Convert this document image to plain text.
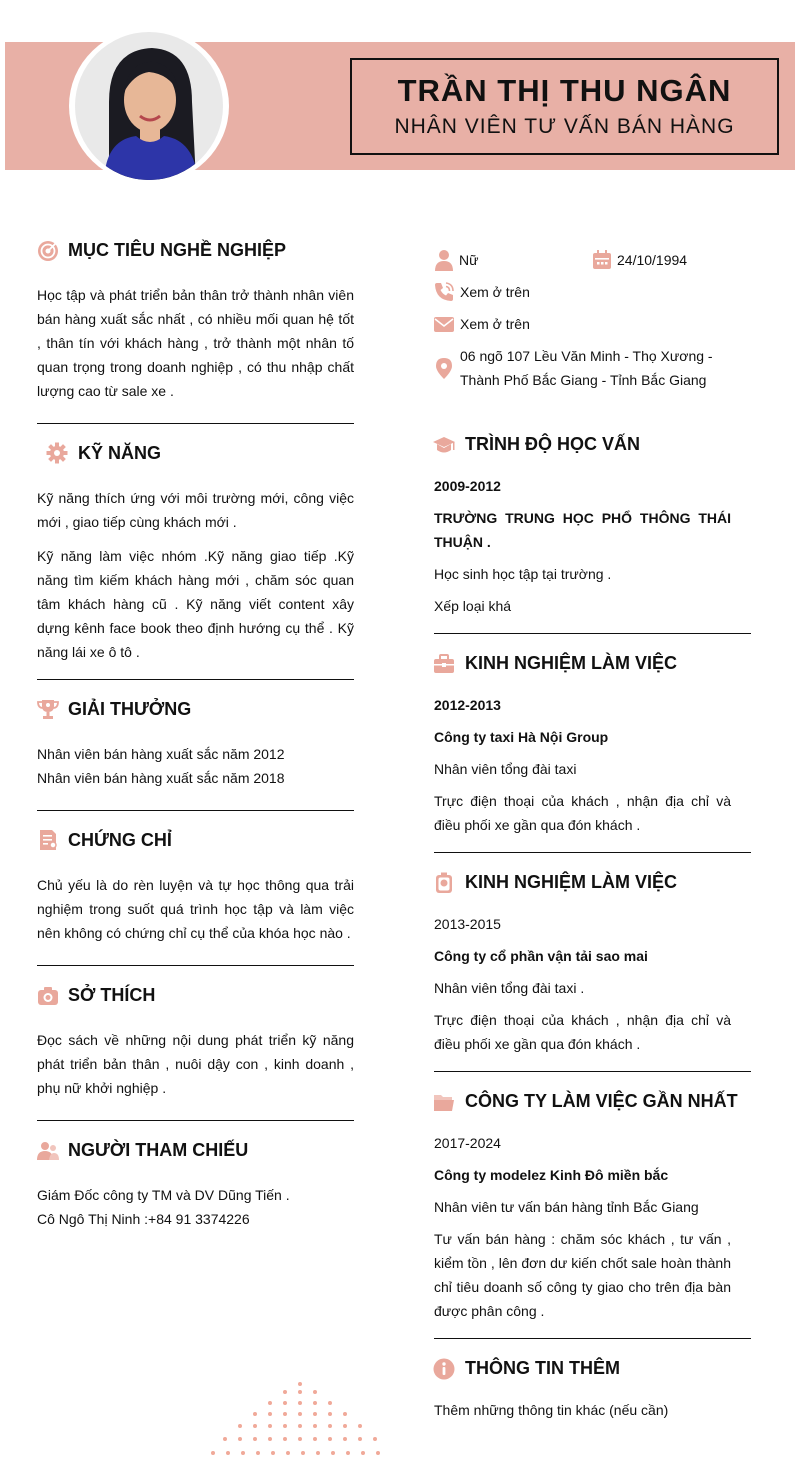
TRẦN THỊ THU NGÂN
NHÂN VIÊN TƯ VẤN BÁN HÀNG
MỤC TIÊU NGHỀ NGHIỆP
Học tập và phát triển bản thân trở thành nhân viên bán hàng xuất sắc nhất , có nhiều mối quan hệ tốt , thân tín với khách hàng , trở thành một nhân tố quan trọng trong doanh nghiệp , có thu nhập chất lượng cao từ sale xe .
KỸ NĂNG
Kỹ năng thích ứng với môi trường mới, công việc mới , giao tiếp cùng khách mới .
Kỹ năng làm việc nhóm .Kỹ năng giao tiếp .Kỹ năng tìm kiếm khách hàng mới , chăm sóc quan tâm khách hàng cũ . Kỹ năng viết content xây dựng kênh face book theo định hướng cụ thể . Kỹ năng lái xe ô tô .
GIẢI THƯỞNG
Nhân viên bán hàng xuất sắc năm 2012
Nhân viên bán hàng xuất sắc năm 2018
CHỨNG CHỈ
Chủ yếu là do rèn luyện và tự học thông qua trải nghiệm trong suốt quá trình học tập và làm việc nên không có chứng chỉ cụ thể của khóa học nào .
SỞ THÍCH
Đọc sách về những nội dung phát triển kỹ năng phát triển bản thân , nuôi dậy con , kinh doanh , phụ nữ khởi nghiệp .
NGƯỜI THAM CHIẾU
Giám Đốc công ty TM và DV Dũng Tiến .
Cô Ngô Thị Ninh :+84 91 3374226
Nữ	24/10/1994
Xem ở trên
Xem ở trên
06 ngõ 107 Lều Văn Minh - Thọ Xương - Thành Phố Bắc Giang - Tỉnh Bắc Giang
TRÌNH ĐỘ HỌC VẤN
2009-2012
TRƯỜNG TRUNG HỌC PHỔ THÔNG THÁI THUẬN .
Học sinh học tập tại trường .
Xếp loại khá
KINH NGHIỆM LÀM VIỆC
2012-2013
Công ty taxi Hà Nội Group
Nhân viên tổng đài taxi
Trực điện thoại của khách , nhận địa chỉ và điều phối xe gần qua đón khách .
KINH NGHIỆM LÀM VIỆC
2013-2015
Công ty cổ phần vận tải sao mai
Nhân viên tổng đài taxi .
Trực điện thoại của khách , nhận địa chỉ và điều phối xe gần qua đón khách .
CÔNG TY LÀM VIỆC GẦN NHẤT
2017-2024
Công ty modelez Kinh Đô miền bắc
Nhân viên tư vấn bán hàng tỉnh Bắc Giang
Tư vấn bán hàng : chăm sóc khách , tư vấn , kiểm tồn , lên đơn dư kiến chốt sale hoàn thành chỉ tiêu doanh số công ty giao cho trên địa bàn được phân công .
THÔNG TIN THÊM
Thêm những thông tin khác (nếu cần)
